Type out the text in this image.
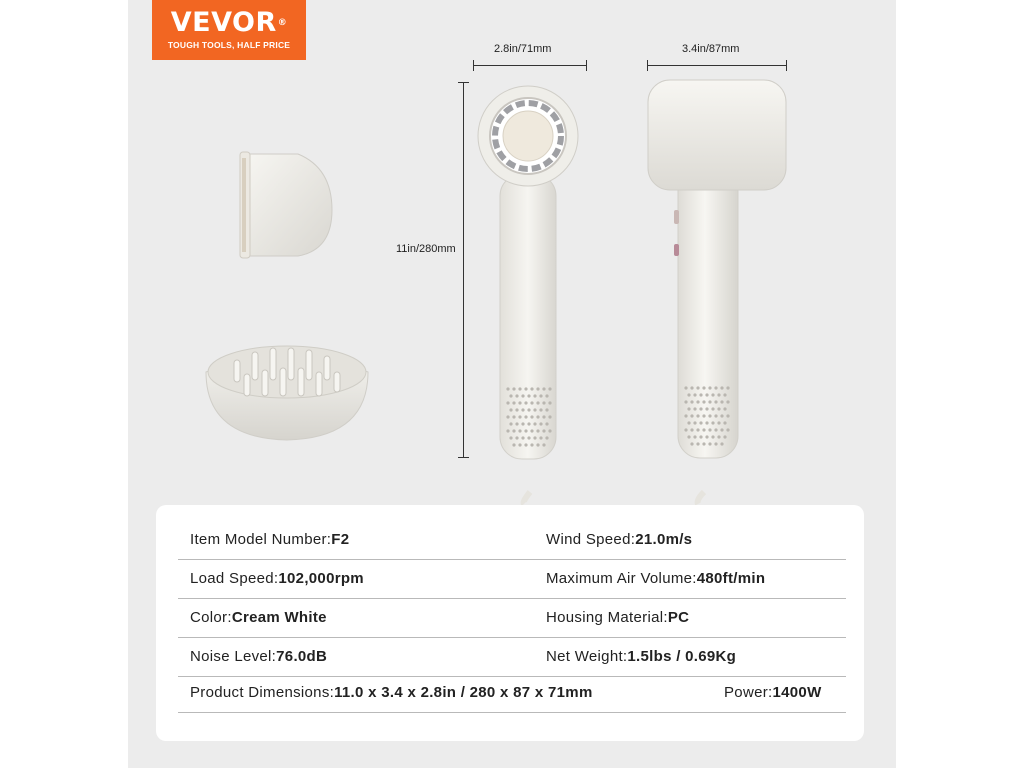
VEVOR®
TOUGH TOOLS, HALF PRICE	2.8in/71mm	3.4in/87mm
11in/280mm
Item Model Number:F2	Wind Speed:21.0m/s
Load Speed:102,000rpm	Maximum Air Volume:480ft/min
Color:Cream White	Housing Material:PC
Noise Level:76.0dB	Net Weight:1.5lbs / 0.69Kg
Product Dimensions:11.0 x 3.4 x 2.8in / 280 x 87 x 71mm	Power:1400W
